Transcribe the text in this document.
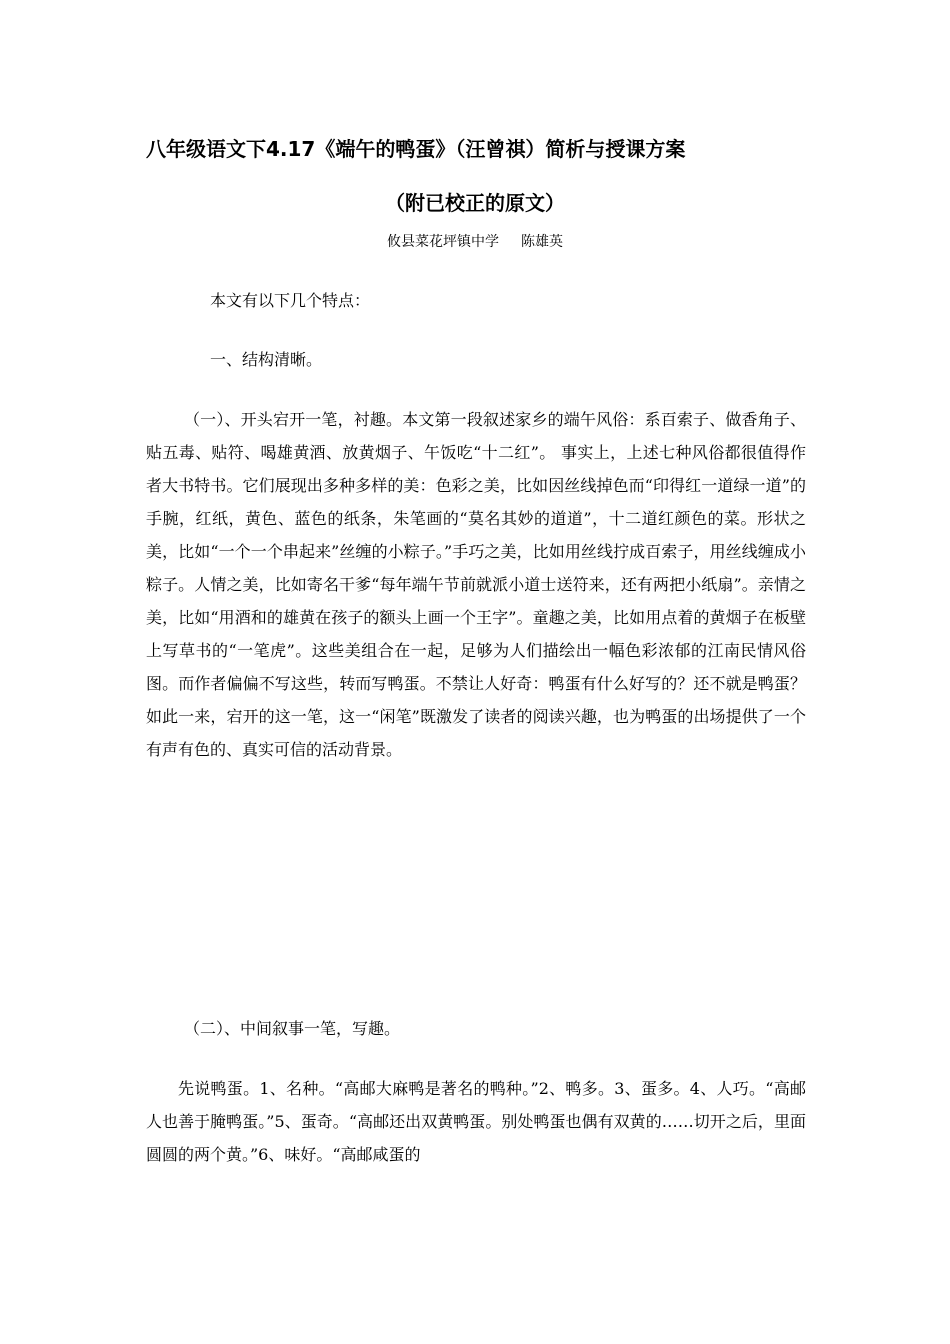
八年级语文下4.17《端午的鸭蛋》（汪曾祺）简析与授课方案
（附已校正的原文）
攸县菜花坪镇中学 陈雄英
本文有以下几个特点：
一、结构清晰。
（一）、开头宕开一笔，衬趣。本文第一段叙述家乡的端午风俗：系百索子、做香角子、贴五毒、贴符、喝雄黄酒、放黄烟子、午饭吃“十二红”。 事实上，上述七种风俗都很值得作者大书特书。它们展现出多种多样的美：色彩之美，比如因丝线掉色而“印得红一道绿一道”的手腕，红纸，黄色、蓝色的纸条，朱笔画的“莫名其妙的道道”，十二道红颜色的菜。形状之美，比如“一个一个串起来”丝缠的小粽子。”手巧之美，比如用丝线拧成百索子，用丝线缠成小粽子。人情之美，比如寄名干爹“每年端午节前就派小道士送符来，还有两把小纸扇”。亲情之美，比如“用酒和的雄黄在孩子的额头上画一个王字”。童趣之美，比如用点着的黄烟子在板壁上写草书的“一笔虎”。这些美组合在一起，足够为人们描绘出一幅色彩浓郁的江南民情风俗图。而作者偏偏不写这些，转而写鸭蛋。不禁让人好奇：鸭蛋有什么好写的？还不就是鸭蛋？如此一来，宕开的这一笔，这一“闲笔”既激发了读者的阅读兴趣，也为鸭蛋的出场提供了一个有声有色的、真实可信的活动背景。
（二）、中间叙事一笔，写趣。
先说鸭蛋。1、名种。“高邮大麻鸭是著名的鸭种。”2、鸭多。3、蛋多。4、人巧。“高邮人也善于腌鸭蛋。”5、蛋奇。“高邮还出双黄鸭蛋。别处鸭蛋也偶有双黄的……切开之后，里面圆圆的两个黄。”6、味好。“高邮咸蛋的
